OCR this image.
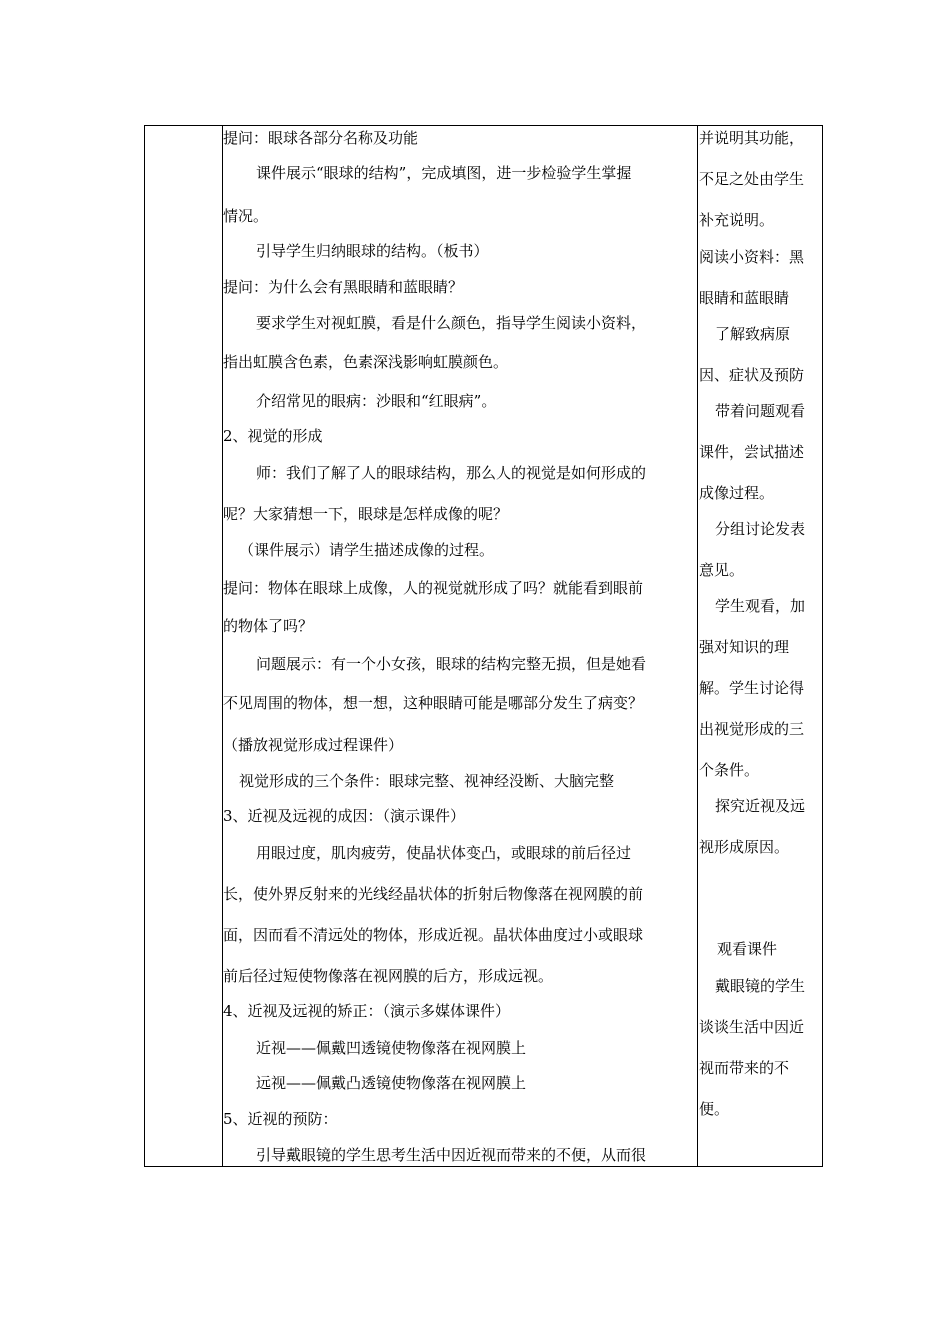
提问：眼球各部分名称及功能
课件展示“眼球的结构”，完成填图，进一步检验学生掌握
情况。
引导学生归纳眼球的结构。（板书）
提问：为什么会有黑眼睛和蓝眼睛？
要求学生对视虹膜，看是什么颜色，指导学生阅读小资料，
指出虹膜含色素，色素深浅影响虹膜颜色。
介绍常见的眼病：沙眼和“红眼病”。
2、视觉的形成
师：我们了解了人的眼球结构，那么人的视觉是如何形成的
呢？大家猜想一下，眼球是怎样成像的呢？
（课件展示）请学生描述成像的过程。
提问：物体在眼球上成像，人的视觉就形成了吗？就能看到眼前
的物体了吗？
问题展示：有一个小女孩，眼球的结构完整无损，但是她看
不见周围的物体，想一想，这种眼睛可能是哪部分发生了病变？
（播放视觉形成过程课件）
视觉形成的三个条件：眼球完整、视神经没断、大脑完整
3、近视及远视的成因：（演示课件）
用眼过度，肌肉疲劳，使晶状体变凸，或眼球的前后径过
长，使外界反射来的光线经晶状体的折射后物像落在视网膜的前
面，因而看不清远处的物体，形成近视。晶状体曲度过小或眼球
前后径过短使物像落在视网膜的后方，形成远视。
4、近视及远视的矫正：（演示多媒体课件）
近视——佩戴凹透镜使物像落在视网膜上
远视——佩戴凸透镜使物像落在视网膜上
5、近视的预防：
引导戴眼镜的学生思考生活中因近视而带来的不便，从而很
并说明其功能，
不足之处由学生
补充说明。
阅读小资料：黑
眼睛和蓝眼睛
了解致病原
因、症状及预防
带着问题观看
课件，尝试描述
成像过程。
分组讨论发表
意见。
学生观看，加
强对知识的理
解。学生讨论得
出视觉形成的三
个条件。
探究近视及远
视形成原因。
观看课件
戴眼镜的学生
谈谈生活中因近
视而带来的不
便。
